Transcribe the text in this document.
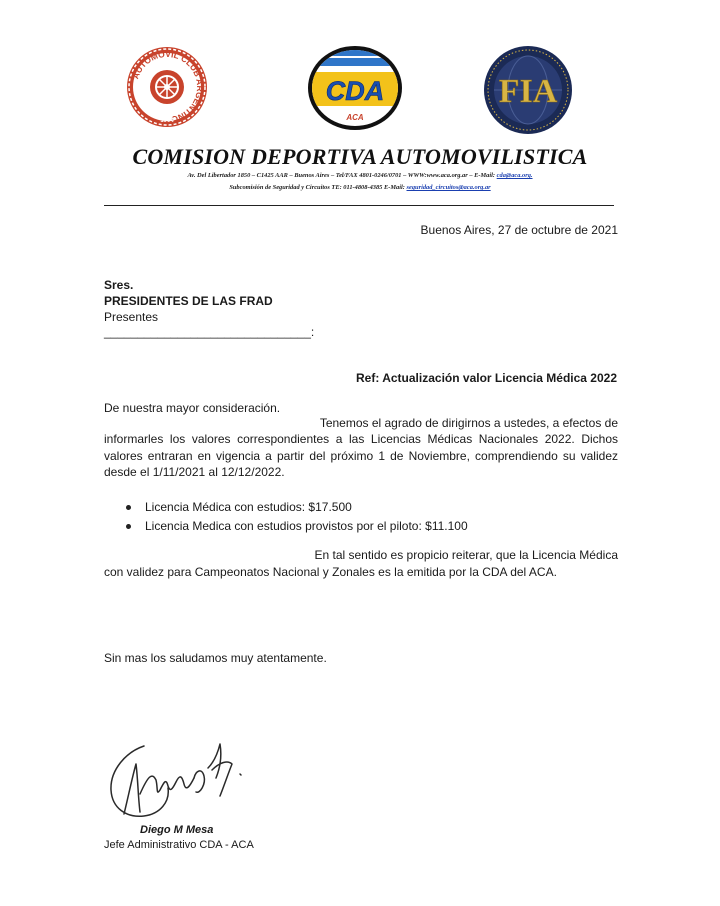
AUTOMOVIL CLUB ARGENTINO
1904
CDA
ACA
FIA
COMISION DEPORTIVA AUTOMOVILISTICA
Av. Del Libertador 1850 – C1425 AAR – Buenos Aires – Tel/FAX 4801-0246/0701 – WWW:www.aca.org.ar – E-Mail: cda@aca.org.
Subcomisión de Seguridad y Circuitos TE: 011-4808-4385 E-Mail: seguridad_circuitos@aca.org.ar
Buenos Aires, 27 de octubre de 2021
Sres.
PRESIDENTES DE LAS FRAD
Presentes
_______________________________:
Ref: Actualización valor Licencia Médica 2022
De nuestra mayor consideración.
Tenemos el agrado de dirigirnos a ustedes, a efectos de
informarles los valores correspondientes a las Licencias Médicas Nacionales 2022. Dichos valores entraran en vigencia a partir del próximo 1 de Noviembre, comprendiendo su validez desde el 1/11/2021 al 12/12/2022.
Licencia Médica con estudios: $17.500
Licencia Medica con estudios provistos por el piloto: $11.100
En tal sentido es propicio reiterar, que la Licencia Médica
con validez para Campeonatos Nacional y Zonales es la emitida por la CDA del ACA.
Sin mas los saludamos muy atentamente.
Diego M Mesa
Jefe Administrativo CDA - ACA
